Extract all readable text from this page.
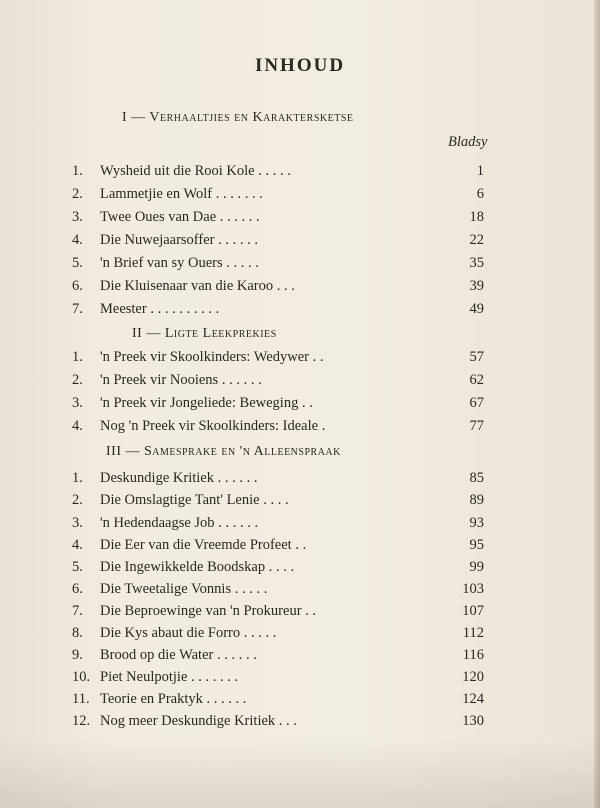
INHOUD
I — Verhaaltjies en Karaktersketse
Bladsy
1.	Wysheid uit die Rooi Kole . . . . .	1
2.	Lammetjie en Wolf . . . . . . .	6
3.	Twee Oues van Dae . . . . . .	18
4.	Die Nuwejaarsoffer . . . . . .	22
5.	'n Brief van sy Ouers . . . . .	35
6.	Die Kluisenaar van die Karoo . . .	39
7.	Meester . . . . . . . . . .	49
II — Ligte Leekprekies
1.	'n Preek vir Skoolkinders: Wedywer . .	57
2.	'n Preek vir Nooiens . . . . . .	62
3.	'n Preek vir Jongeliede: Beweging . .	67
4.	Nog 'n Preek vir Skoolkinders: Ideale .	77
III — Samesprake en 'n Alleenspraak
1.	Deskundige Kritiek . . . . . .	85
2.	Die Omslagtige Tant' Lenie . . . .	89
3.	'n Hedendaagse Job . . . . . .	93
4.	Die Eer van die Vreemde Profeet . .	95
5.	Die Ingewikkelde Boodskap . . . .	99
6.	Die Tweetalige Vonnis . . . . .	103
7.	Die Beproewinge van 'n Prokureur . .	107
8.	Die Kys abaut die Forro . . . . .	112
9.	Brood op die Water . . . . . .	116
10. Piet Neulpotjie . . . . . . .	120
11. Teorie en Praktyk . . . . . .	124
12. Nog meer Deskundige Kritiek . . .	130
